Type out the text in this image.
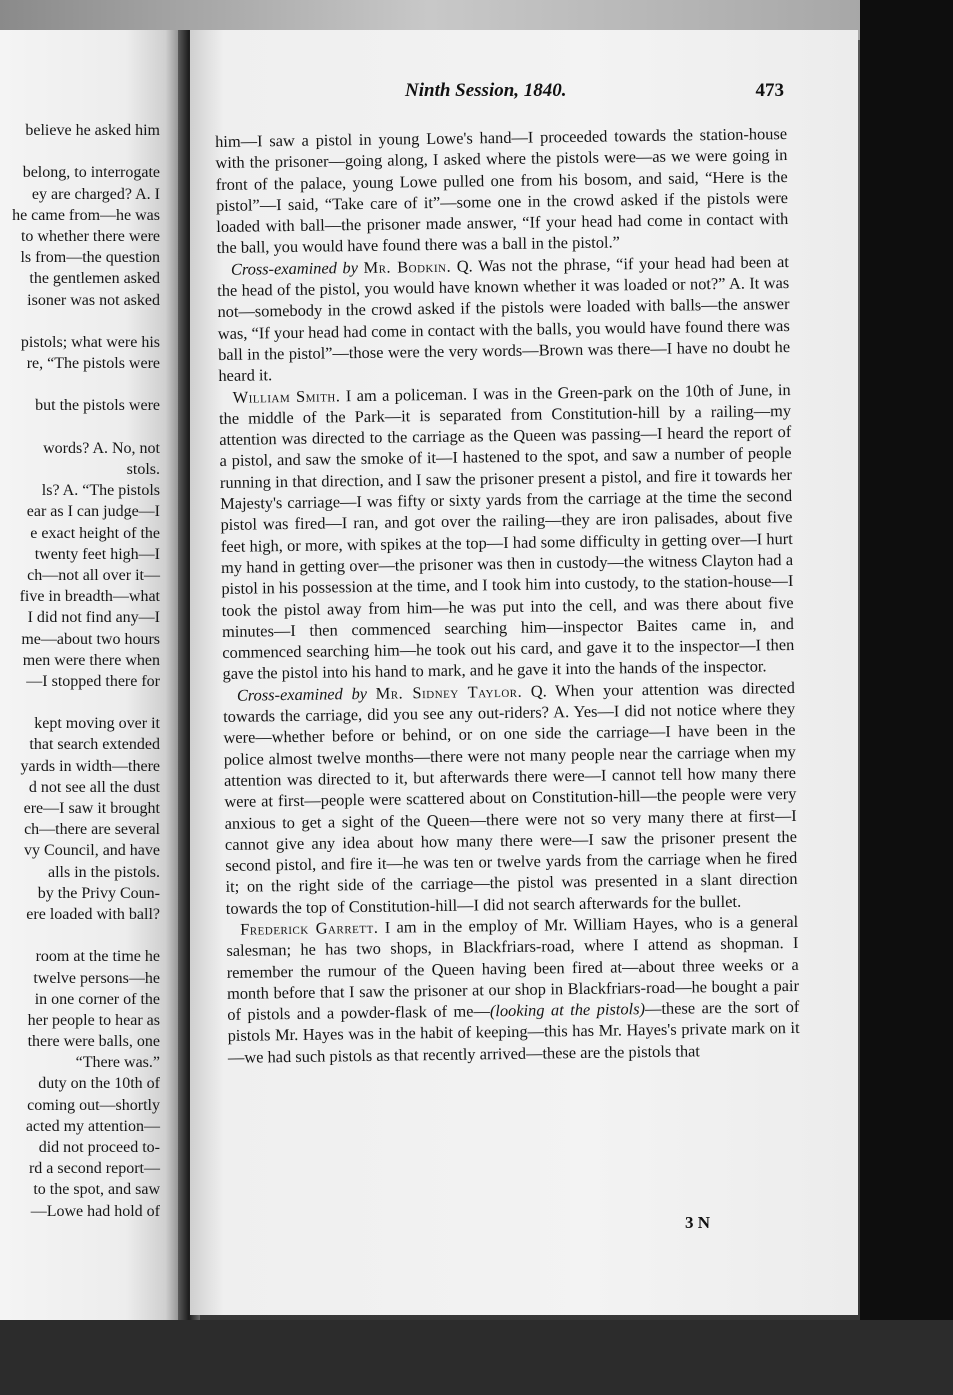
believe he asked him
belong, to interrogate
ey are charged? A. I
he came from—he was
to whether there were
ls from—the question
the gentlemen asked
isoner was not asked
pistols; what were his
re, “The pistols were
but the pistols were
words? A. No, not
stols.
ls? A. “The pistols
ear as I can judge—I
e exact height of the
twenty feet high—I
ch—not all over it—
five in breadth—what
I did not find any—I
me—about two hours
men were there when
—I stopped there for
kept moving over it
that search extended
yards in width—there
d not see all the dust
ere—I saw it brought
ch—there are several
vy Council, and have
alls in the pistols.
by the Privy Coun-
ere loaded with ball?
room at the time he
twelve persons—he
in one corner of the
her people to hear as
there were balls, one
“There was.”
duty on the 10th of
coming out—shortly
acted my attention—
did not proceed to-
rd a second report—
to the spot, and saw
—Lowe had hold of
Ninth Session, 1840.	473

him—I saw a pistol in young Lowe's hand—I proceeded towards the station-house with the prisoner—going along, I asked where the pistols were—as we were going in front of the palace, young Lowe pulled one from his bosom, and said, “Here is the pistol”—I said, “Take care of it”—some one in the crowd asked if the pistols were loaded with ball—the prisoner made answer, “If your head had come in contact with the ball, you would have found there was a ball in the pistol.”

Cross-examined by Mr. Bodkin. Q. Was not the phrase, “if your head had been at the head of the pistol, you would have known whether it was loaded or not?” A. It was not—somebody in the crowd asked if the pistols were loaded with balls—the answer was, “If your head had come in contact with the balls, you would have found there was ball in the pistol”—those were the very words—Brown was there—I have no doubt he heard it.

William Smith. I am a policeman. I was in the Green-park on the 10th of June, in the middle of the Park—it is separated from Constitution-hill by a railing—my attention was directed to the carriage as the Queen was passing—I heard the report of a pistol, and saw the smoke of it—I hastened to the spot, and saw a number of people running in that direction, and I saw the prisoner present a pistol, and fire it towards her Majesty's carriage—I was fifty or sixty yards from the carriage at the time the second pistol was fired—I ran, and got over the railing—they are iron palisades, about five feet high, or more, with spikes at the top—I had some difficulty in getting over—I hurt my hand in getting over—the prisoner was then in custody—the witness Clayton had a pistol in his possession at the time, and I took him into custody, to the station-house—I took the pistol away from him—he was put into the cell, and was there about five minutes—I then commenced searching him—inspector Baites came in, and commenced searching him—he took out his card, and gave it to the inspector—I then gave the pistol into his hand to mark, and he gave it into the hands of the inspector.

Cross-examined by Mr. Sidney Taylor. Q. When your attention was directed towards the carriage, did you see any out-riders? A. Yes—I did not notice where they were—whether before or behind, or on one side the carriage—I have been in the police almost twelve months—there were not many people near the carriage when my attention was directed to it, but afterwards there were—I cannot tell how many there were at first—people were scattered about on Constitution-hill—the people were very anxious to get a sight of the Queen—there were not so very many there at first—I cannot give any idea about how many there were—I saw the prisoner present the second pistol, and fire it—he was ten or twelve yards from the carriage when he fired it; on the right side of the carriage—the pistol was presented in a slant direction towards the top of Constitution-hill—I did not search afterwards for the bullet.

Frederick Garrett. I am in the employ of Mr. William Hayes, who is a general salesman; he has two shops, in Blackfriars-road, where I attend as shopman. I remember the rumour of the Queen having been fired at—about three weeks or a month before that I saw the prisoner at our shop in Blackfriars-road—he bought a pair of pistols and a powder-flask of me—(looking at the pistols)—these are the sort of pistols Mr. Hayes was in the habit of keeping—this has Mr. Hayes's private mark on it—we had such pistols as that recently arrived—these are the pistols that

3 N
